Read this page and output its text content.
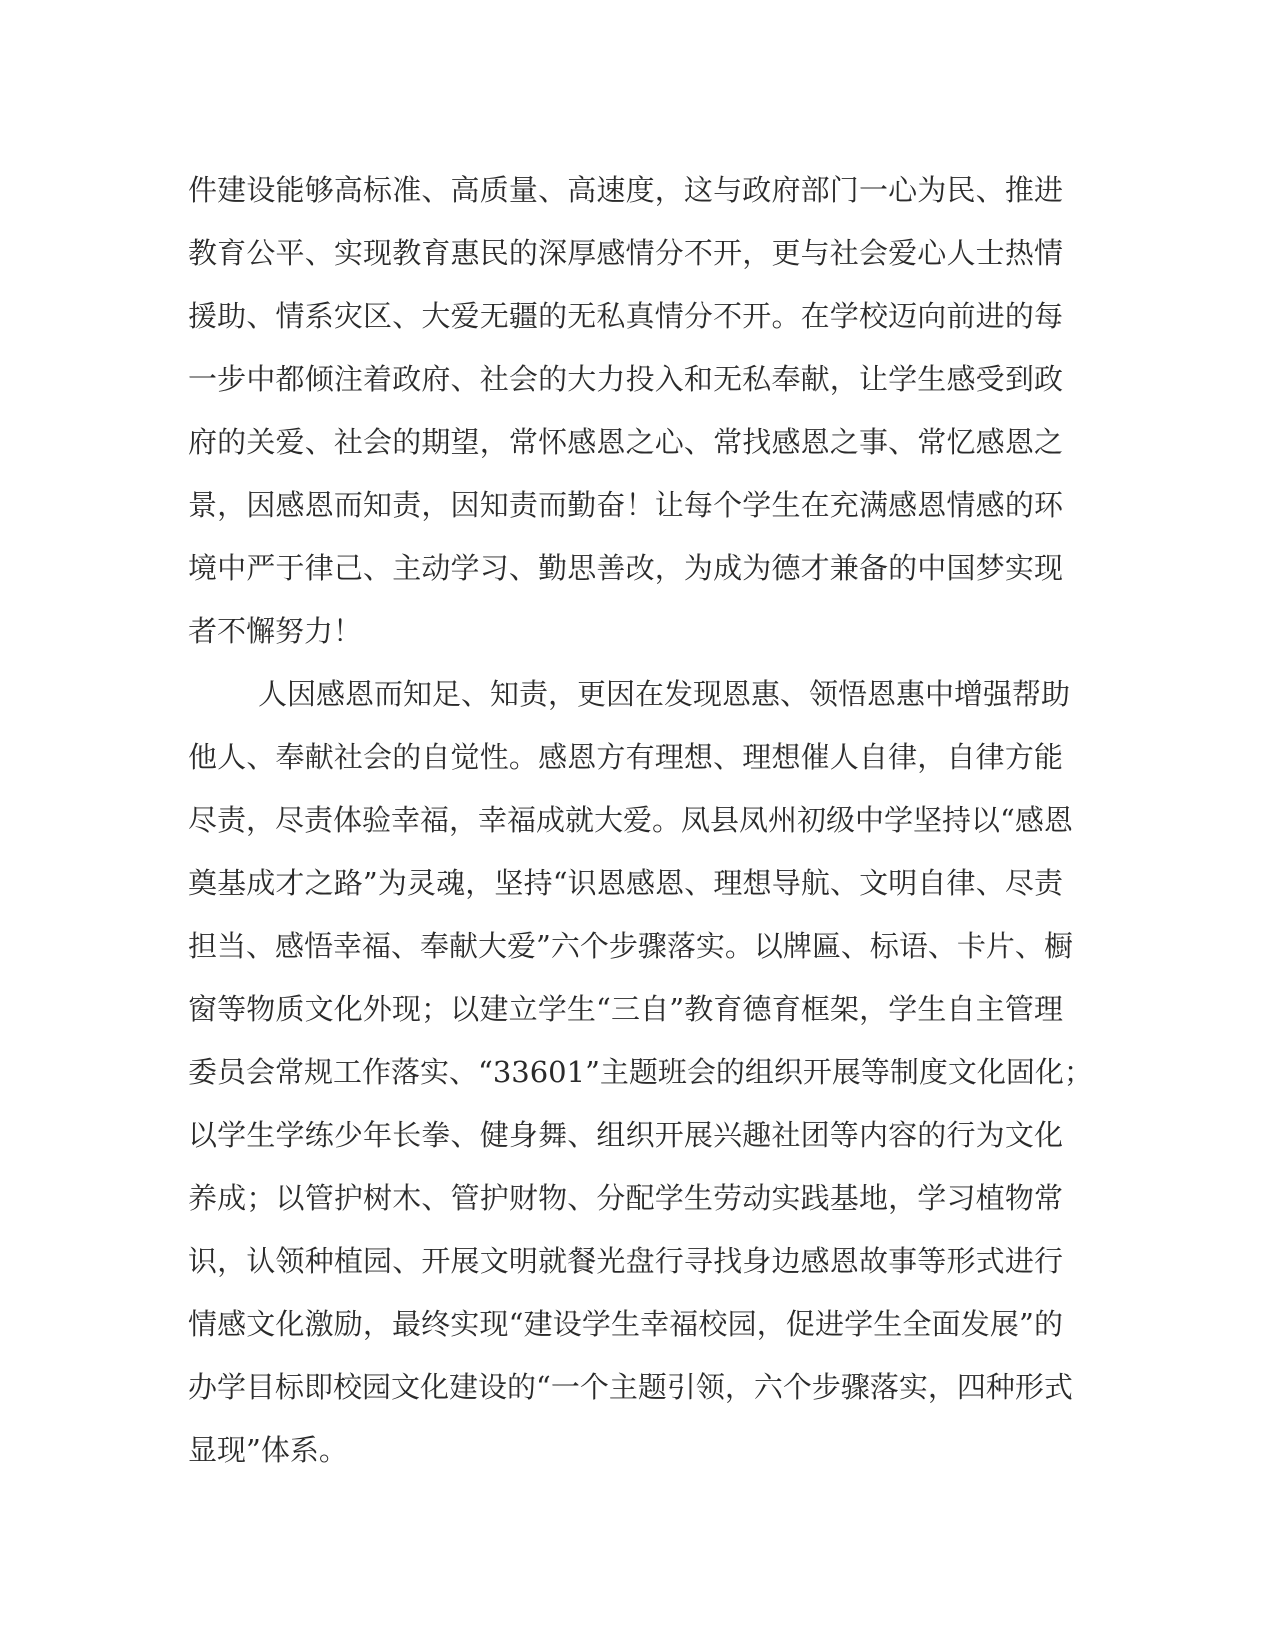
件建设能够高标准、高质量、高速度，这与政府部门一心为民、推进
教育公平、实现教育惠民的深厚感情分不开，更与社会爱心人士热情
援助、情系灾区、大爱无疆的无私真情分不开。在学校迈向前进的每
一步中都倾注着政府、社会的大力投入和无私奉献，让学生感受到政
府的关爱、社会的期望，常怀感恩之心、常找感恩之事、常忆感恩之
景，因感恩而知责，因知责而勤奋！让每个学生在充满感恩情感的环
境中严于律己、主动学习、勤思善改，为成为德才兼备的中国梦实现
者不懈努力！
人因感恩而知足、知责，更因在发现恩惠、领悟恩惠中增强帮助
他人、奉献社会的自觉性。感恩方有理想、理想催人自律，自律方能
尽责，尽责体验幸福，幸福成就大爱。凤县凤州初级中学坚持以“感恩
奠基成才之路”为灵魂，坚持“识恩感恩、理想导航、文明自律、尽责
担当、感悟幸福、奉献大爱”六个步骤落实。以牌匾、标语、卡片、橱
窗等物质文化外现；以建立学生“三自”教育德育框架，学生自主管理
委员会常规工作落实、“33601”主题班会的组织开展等制度文化固化；
以学生学练少年长拳、健身舞、组织开展兴趣社团等内容的行为文化
养成；以管护树木、管护财物、分配学生劳动实践基地，学习植物常
识，认领种植园、开展文明就餐光盘行寻找身边感恩故事等形式进行
情感文化激励，最终实现“建设学生幸福校园，促进学生全面发展”的
办学目标即校园文化建设的“一个主题引领，六个步骤落实，四种形式
显现”体系。
